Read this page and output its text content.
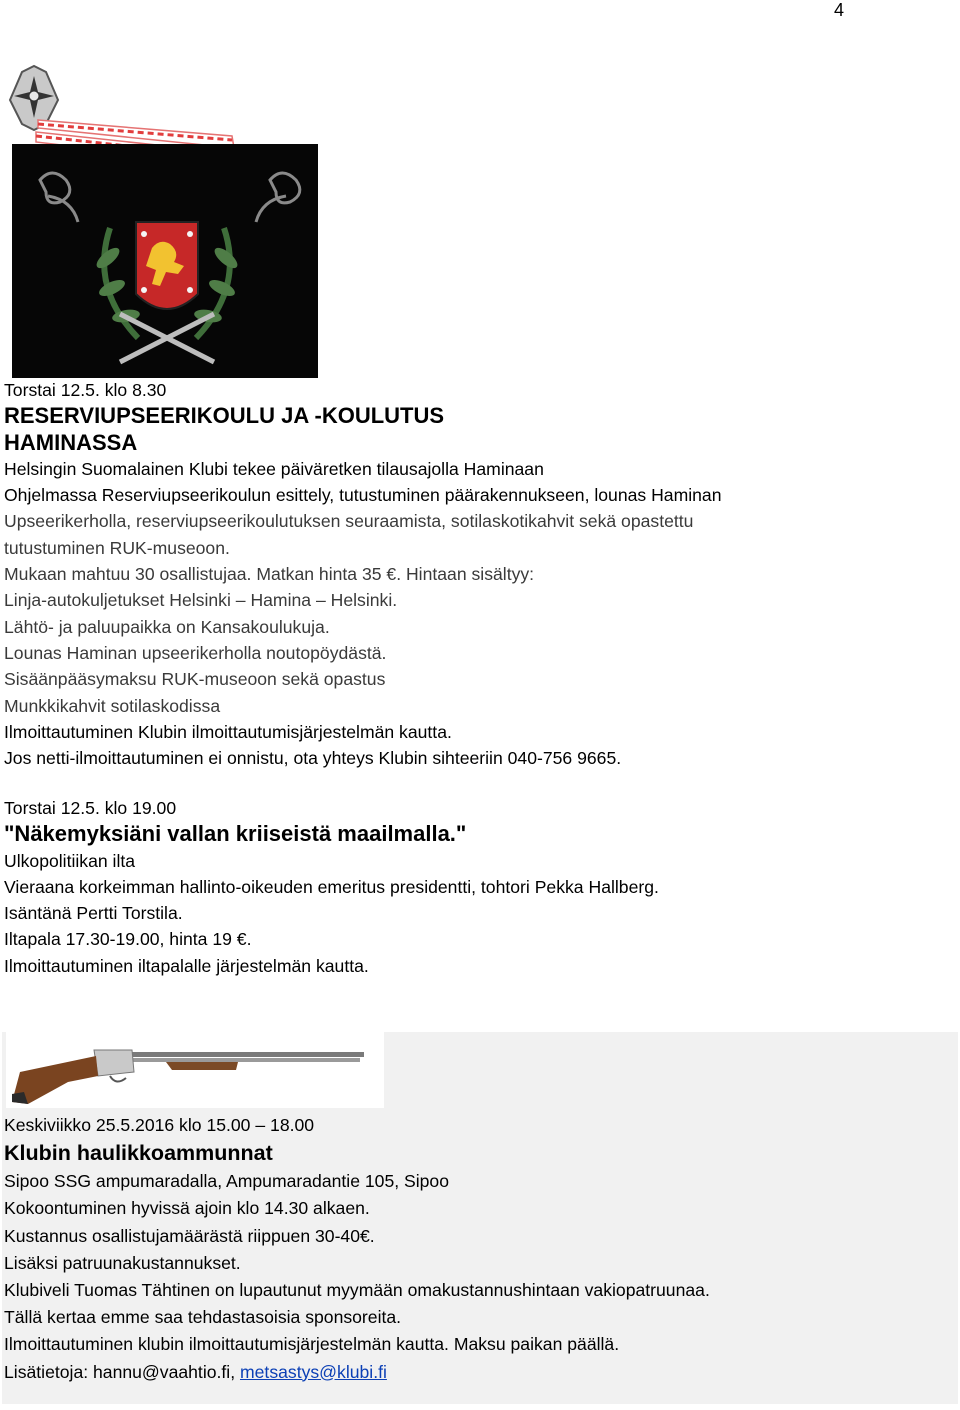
4
Torstai 12.5. klo 8.30
RESERVIUPSEERIKOULU JA -KOULUTUS
HAMINASSA
Helsingin Suomalainen Klubi tekee päiväretken tilausajolla Haminaan
Ohjelmassa Reserviupseerikoulun esittely, tutustuminen päärakennukseen, lounas Haminan
Upseerikerholla, reserviupseerikoulutuksen seuraamista, sotilaskotikahvit sekä opastettu
tutustuminen RUK-museoon.
Mukaan mahtuu 30 osallistujaa. Matkan hinta 35 €. Hintaan sisältyy:
Linja-autokuljetukset Helsinki – Hamina – Helsinki.
Lähtö- ja paluupaikka on Kansakoulukuja.
Lounas Haminan upseerikerholla noutopöydästä.
Sisäänpääsymaksu RUK-museoon sekä opastus
Munkkikahvit sotilaskodissa
Ilmoittautuminen Klubin ilmoittautumisjärjestelmän kautta.
Jos netti-ilmoittautuminen ei onnistu, ota yhteys Klubin sihteeriin 040-756 9665.
Torstai 12.5. klo 19.00
"Näkemyksiäni vallan kriiseistä maailmalla."
Ulkopolitiikan ilta
Vieraana korkeimman hallinto-oikeuden emeritus presidentti, tohtori Pekka Hallberg.
Isäntänä Pertti Torstila.
Iltapala 17.30-19.00, hinta 19 €.
Ilmoittautuminen iltapalalle järjestelmän kautta.
Keskiviikko 25.5.2016 klo 15.00 – 18.00
Klubin haulikkoammunnat
Sipoo SSG ampumaradalla, Ampumaradantie 105, Sipoo
Kokoontuminen hyvissä ajoin klo 14.30 alkaen.
Kustannus osallistujamäärästä riippuen 30-40€.
Lisäksi patruunakustannukset.
Klubiveli Tuomas Tähtinen on lupautunut myymään omakustannushintaan vakiopatruunaa.
Tällä kertaa emme saa tehdastasoisia sponsoreita.
Ilmoittautuminen klubin ilmoittautumisjärjestelmän kautta. Maksu paikan päällä.
Lisätietoja: hannu@vaahtio.fi, metsastys@klubi.fi
